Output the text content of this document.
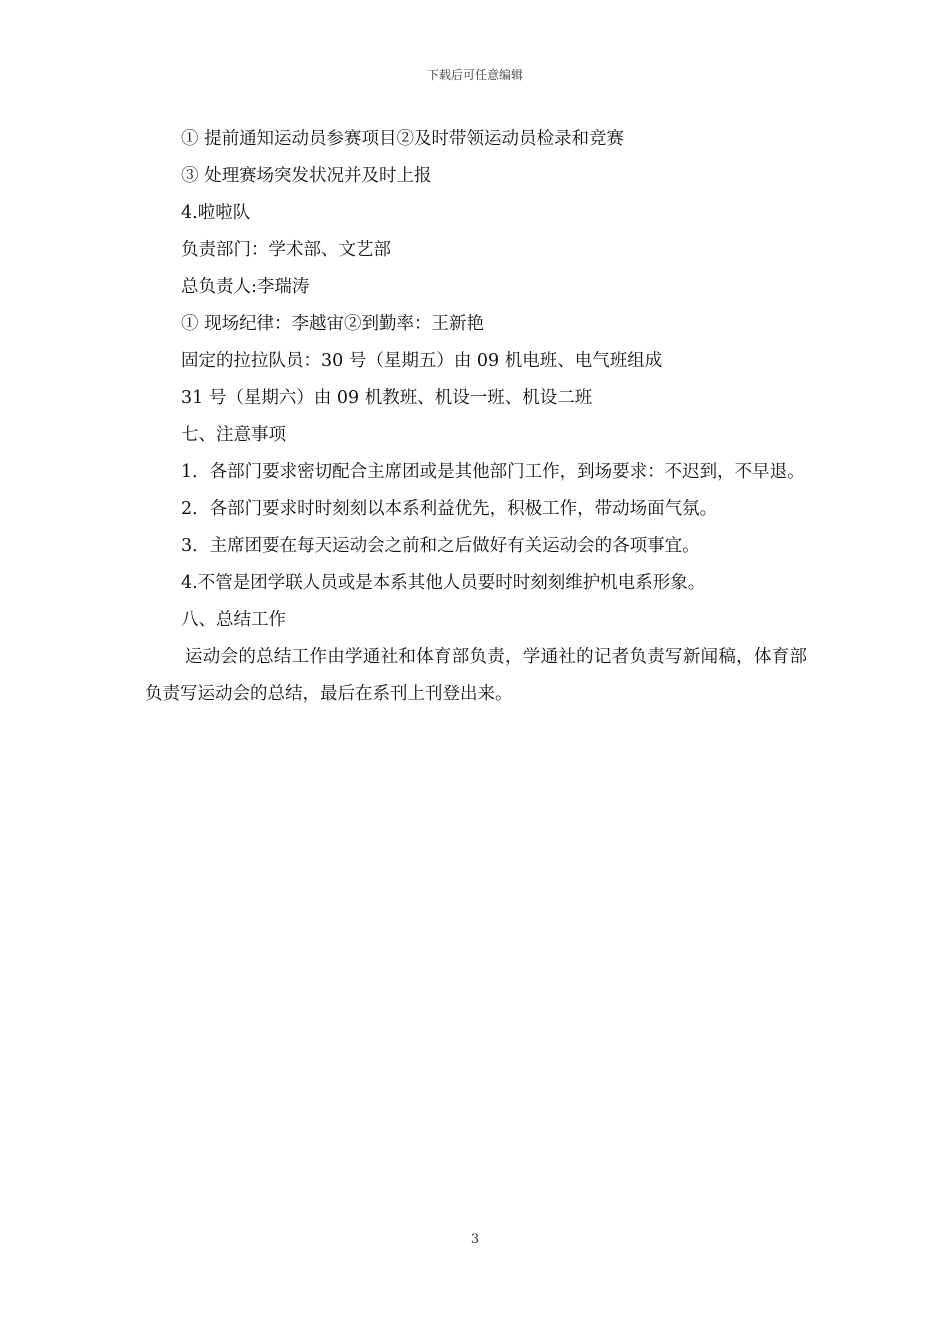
下载后可任意编辑
① 提前通知运动员参赛项目②及时带领运动员检录和竞赛
③ 处理赛场突发状况并及时上报
4.啦啦队
负责部门：学术部、文艺部
总负责人:李瑞涛
① 现场纪律：李越宙②到勤率：王新艳
固定的拉拉队员：30 号（星期五）由 09 机电班、电气班组成
31 号（星期六）由 09 机教班、机设一班、机设二班
七、注意事项
1．各部门要求密切配合主席团或是其他部门工作，到场要求：不迟到，不早退。
2．各部门要求时时刻刻以本系利益优先，积极工作，带动场面气氛。
3．主席团要在每天运动会之前和之后做好有关运动会的各项事宜。
4.不管是团学联人员或是本系其他人员要时时刻刻维护机电系形象。
八、总结工作
运动会的总结工作由学通社和体育部负责，学通社的记者负责写新闻稿，体育部负责写运动会的总结，最后在系刊上刊登出来。
3
